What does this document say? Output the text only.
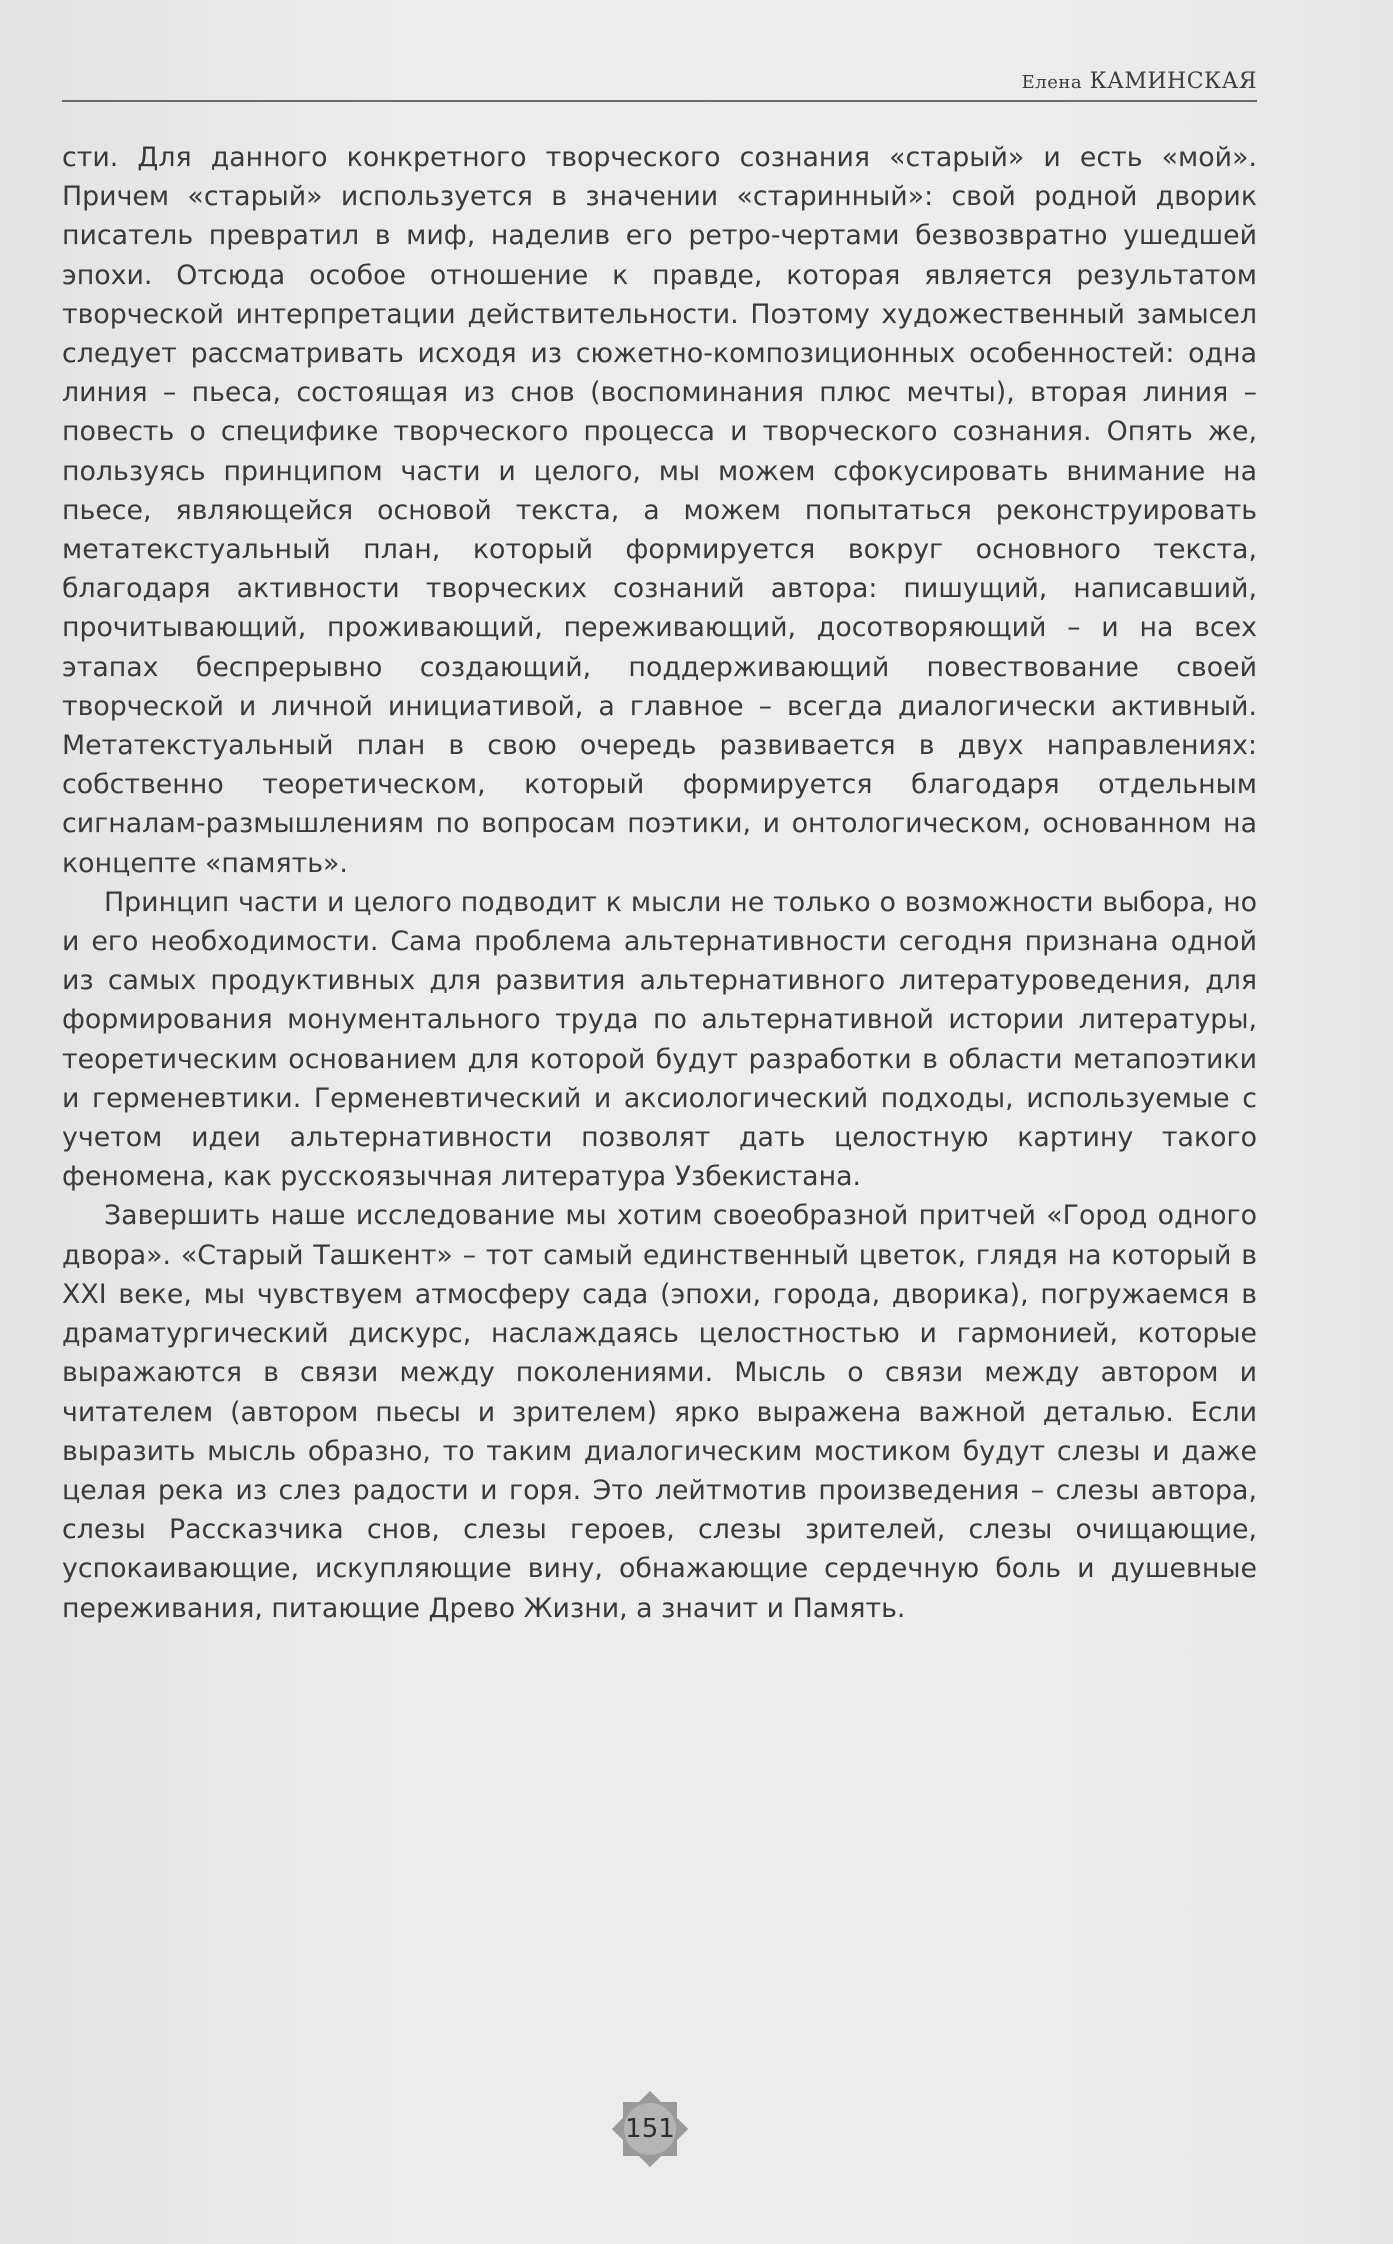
Елена КАМИНСКАЯ

сти. Для данного конкретного творческого сознания «старый» и есть «мой». Причем «старый» используется в значении «старинный»: свой родной дворик писатель превратил в миф, наделив его ретро-чертами безвозвратно ушедшей эпохи. Отсюда особое отношение к правде, которая является результатом творческой интерпретации действительности. Поэтому художественный замысел следует рассматривать исходя из сюжетно-композиционных особенностей: одна линия – пьеса, состоящая из снов (воспоминания плюс мечты), вторая линия – повесть о специфике творческого процесса и творческого сознания. Опять же, пользуясь принципом части и целого, мы можем сфокусировать внимание на пьесе, являющейся основой текста, а можем попытаться реконструировать метатекстуальный план, который формируется вокруг основного текста, благодаря активности творческих сознаний автора: пишущий, написавший, прочитывающий, проживающий, переживающий, досотворяющий – и на всех этапах беспрерывно создающий, поддерживающий повествование своей творческой и личной инициативой, а главное – всегда диалогически активный. Метатекстуальный план в свою очередь развивается в двух направлениях: собственно теоретическом, который формируется благодаря отдельным сигналам-размышлениям по вопросам поэтики, и онтологическом, основанном на концепте «память».

Принцип части и целого подводит к мысли не только о возможности выбора, но и его необходимости. Сама проблема альтернативности сегодня признана одной из самых продуктивных для развития альтернативного литературоведения, для формирования монументального труда по альтернативной истории литературы, теоретическим основанием для которой будут разработки в области метапоэтики и герменевтики. Герменевтический и аксиологический подходы, используемые с учетом идеи альтернативности позволят дать целостную картину такого феномена, как русскоязычная литература Узбекистана.

Завершить наше исследование мы хотим своеобразной притчей «Город одного двора». «Старый Ташкент» – тот самый единственный цветок, глядя на который в XXI веке, мы чувствуем атмосферу сада (эпохи, города, дворика), погружаемся в драматургический дискурс, наслаждаясь целостностью и гармонией, которые выражаются в связи между поколениями. Мысль о связи между автором и читателем (автором пьесы и зрителем) ярко выражена важной деталью. Если выразить мысль образно, то таким диалогическим мостиком будут слезы и даже целая река из слез радости и горя. Это лейтмотив произведения – слезы автора, слезы Рассказчика снов, слезы героев, слезы зрителей, слезы очищающие, успокаивающие, искупляющие вину, обнажающие сердечную боль и душевные переживания, питающие Древо Жизни, а значит и Память.

151
